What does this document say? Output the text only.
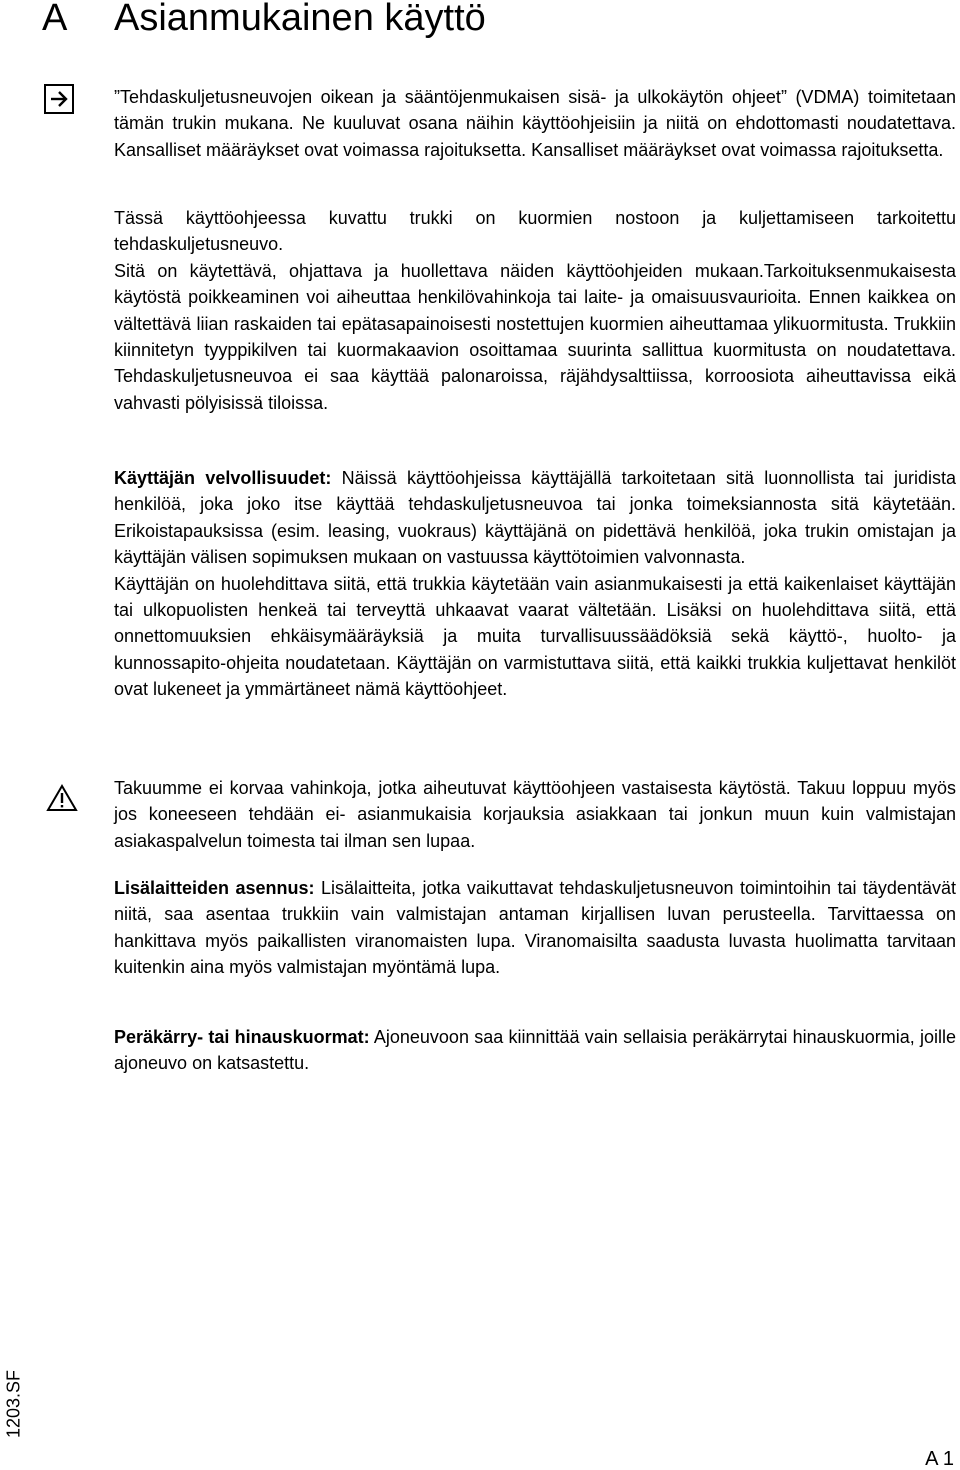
A Asianmukainen käyttö

”Tehdaskuljetusneuvojen oikean ja sääntöjenmukaisen sisä- ja ulkokäytön ohjeet” (VDMA) toimitetaan tämän trukin mukana. Ne kuuluvat osana näihin käyttöohjeisiin ja niitä on ehdottomasti noudatettava. Kansalliset määräykset ovat voimassa rajoituksetta. Kansalliset määräykset ovat voimassa rajoituksetta.

Tässä käyttöohjeessa kuvattu trukki on kuormien nostoon ja kuljettamiseen tarkoitettu tehdaskuljetusneuvo.

Sitä on käytettävä, ohjattava ja huollettava näiden käyttöohjeiden mukaan.Tarkoituksenmukaisesta käytöstä poikkeaminen voi aiheuttaa henkilövahinkoja tai laite- ja omaisuusvaurioita. Ennen kaikkea on vältettävä liian raskaiden tai epätasapainoisesti nostettujen kuormien aiheuttamaa ylikuormitusta. Trukkiin kiinnitetyn tyyppikilven tai kuormakaavion osoittamaa suurinta sallittua kuormitusta on noudatettava. Tehdaskuljetusneuvoa ei saa käyttää palonaroissa, räjähdysalttiissa, korroosiota aiheuttavissa eikä vahvasti pölyisissä tiloissa.

Käyttäjän velvollisuudet: Näissä käyttöohjeissa käyttäjällä tarkoitetaan sitä luonnollista tai juridista henkilöä, joka joko itse käyttää tehdaskuljetusneuvoa tai jonka toimeksiannosta sitä käytetään. Erikoistapauksissa (esim. leasing, vuokraus) käyttäjänä on pidettävä henkilöä, joka trukin omistajan ja käyttäjän välisen sopimuksen mukaan on vastuussa käyttötoimien valvonnasta.

Käyttäjän on huolehdittava siitä, että trukkia käytetään vain asianmukaisesti ja että kaikenlaiset käyttäjän tai ulkopuolisten henkeä tai terveyttä uhkaavat vaarat vältetään. Lisäksi on huolehdittava siitä, että onnettomuuksien ehkäisymääräyksiä ja muita turvallisuussäädöksiä sekä käyttö-, huolto- ja kunnossapito-ohjeita noudatetaan. Käyttäjän on varmistuttava siitä, että kaikki trukkia kuljettavat henkilöt ovat lukeneet ja ymmärtäneet nämä käyttöohjeet.

Takuumme ei korvaa vahinkoja, jotka aiheutuvat käyttöohjeen vastaisesta käytöstä. Takuu loppuu myös jos koneeseen tehdään ei- asianmukaisia korjauksia asiakkaan tai jonkun muun kuin valmistajan asiakaspalvelun toimesta tai ilman sen lupaa.

Lisälaitteiden asennus: Lisälaitteita, jotka vaikuttavat tehdaskuljetusneuvon toimintoihin tai täydentävät niitä, saa asentaa trukkiin vain valmistajan antaman kirjallisen luvan perusteella. Tarvittaessa on hankittava myös paikallisten viranomaisten lupa. Viranomaisilta saadusta luvasta huolimatta tarvitaan kuitenkin aina myös valmistajan myöntämä lupa.

Peräkärry- tai hinauskuormat: Ajoneuvoon saa kiinnittää vain sellaisia peräkärrytai hinauskuormia, joille ajoneuvo on katsastettu.

1203.SF
A 1
